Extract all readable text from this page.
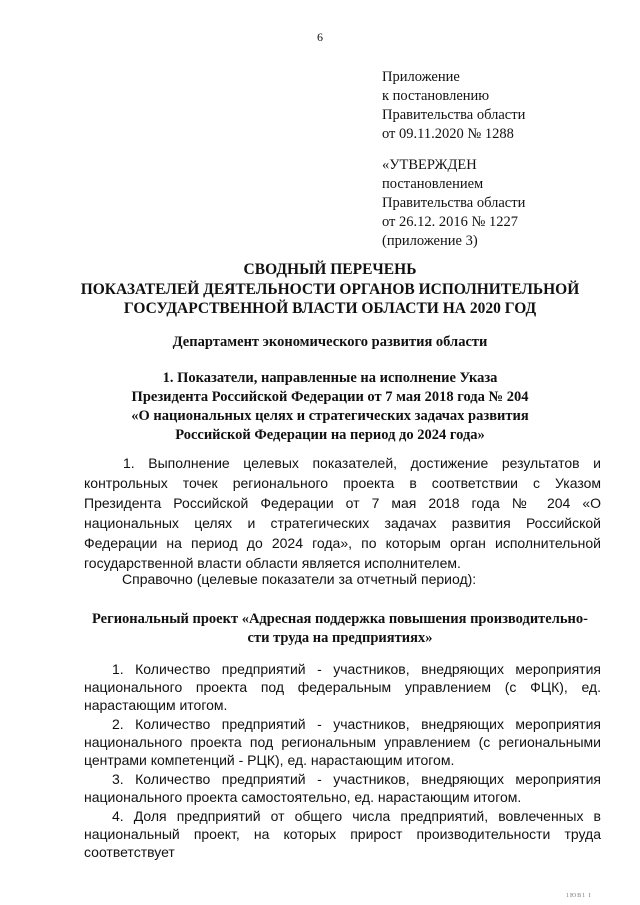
6
Приложение
к постановлению
Правительства области
от 09.11.2020 № 1288
«УТВЕРЖДЕН
постановлением
Правительства области
от 26.12. 2016 № 1227
(приложение 3)
СВОДНЫЙ ПЕРЕЧЕНЬ
ПОКАЗАТЕЛЕЙ ДЕЯТЕЛЬНОСТИ ОРГАНОВ ИСПОЛНИТЕЛЬНОЙ
ГОСУДАРСТВЕННОЙ ВЛАСТИ ОБЛАСТИ НА 2020 ГОД
Департамент экономического развития области
1. Показатели, направленные на исполнение Указа
Президента Российской Федерации от 7 мая 2018 года № 204
«О национальных целях и стратегических задачах развития
Российской Федерации на период до 2024 года»
1. Выполнение целевых показателей, достижение результатов и контрольных точек регионального проекта в соответствии с Указом Президента Российской Федерации от 7 мая 2018 года № 204 «О национальных целях и стратегических задачах развития Российской Федерации на период до 2024 года», по которым орган исполнительной государственной власти области является исполнителем.
Справочно (целевые показатели за отчетный период):
Региональный проект «Адресная поддержка повышения производительно-
сти труда на предприятиях»

1. Количество предприятий - участников, внедряющих мероприятия национального проекта под федеральным управлением (с ФЦК), ед. нарастающим итогом.

2. Количество предприятий - участников, внедряющих мероприятия национального проекта под региональным управлением (с региональными центрами компетенций - РЦК), ед. нарастающим итогом.

3. Количество предприятий - участников, внедряющих мероприятия национального проекта самостоятельно, ед. нарастающим итогом.

4. Доля предприятий от общего числа предприятий, вовлеченных в национальный проект, на которых прирост производительности труда соответствует

1ЮВ1 I
